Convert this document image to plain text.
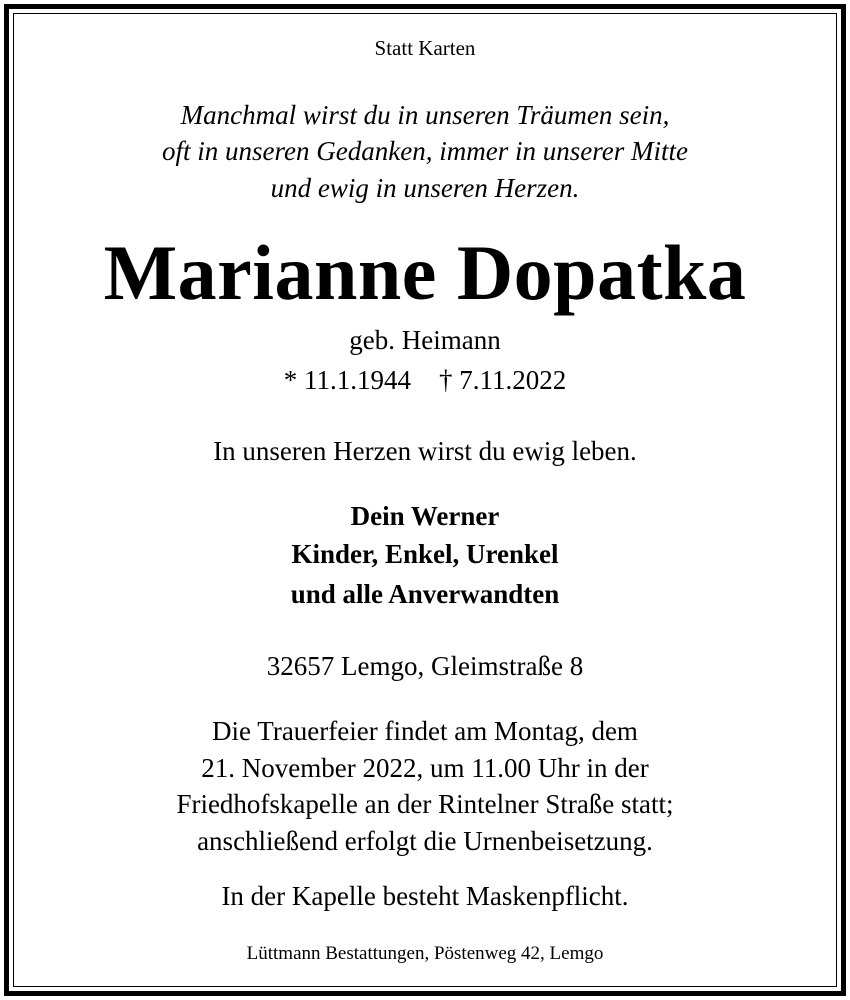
Statt Karten
Manchmal wirst du in unseren Träumen sein,
oft in unseren Gedanken, immer in unserer Mitte
und ewig in unseren Herzen.
Marianne Dopatka
geb. Heimann
* 11.1.1944 † 7.11.2022
In unseren Herzen wirst du ewig leben.
Dein Werner
Kinder, Enkel, Urenkel
und alle Anverwandten
32657 Lemgo, Gleimstraße 8
Die Trauerfeier findet am Montag, dem
21. November 2022, um 11.00 Uhr in der
Friedhofskapelle an der Rintelner Straße statt;
anschließend erfolgt die Urnenbeisetzung.
In der Kapelle besteht Maskenpflicht.
Lüttmann Bestattungen, Pöstenweg 42, Lemgo
